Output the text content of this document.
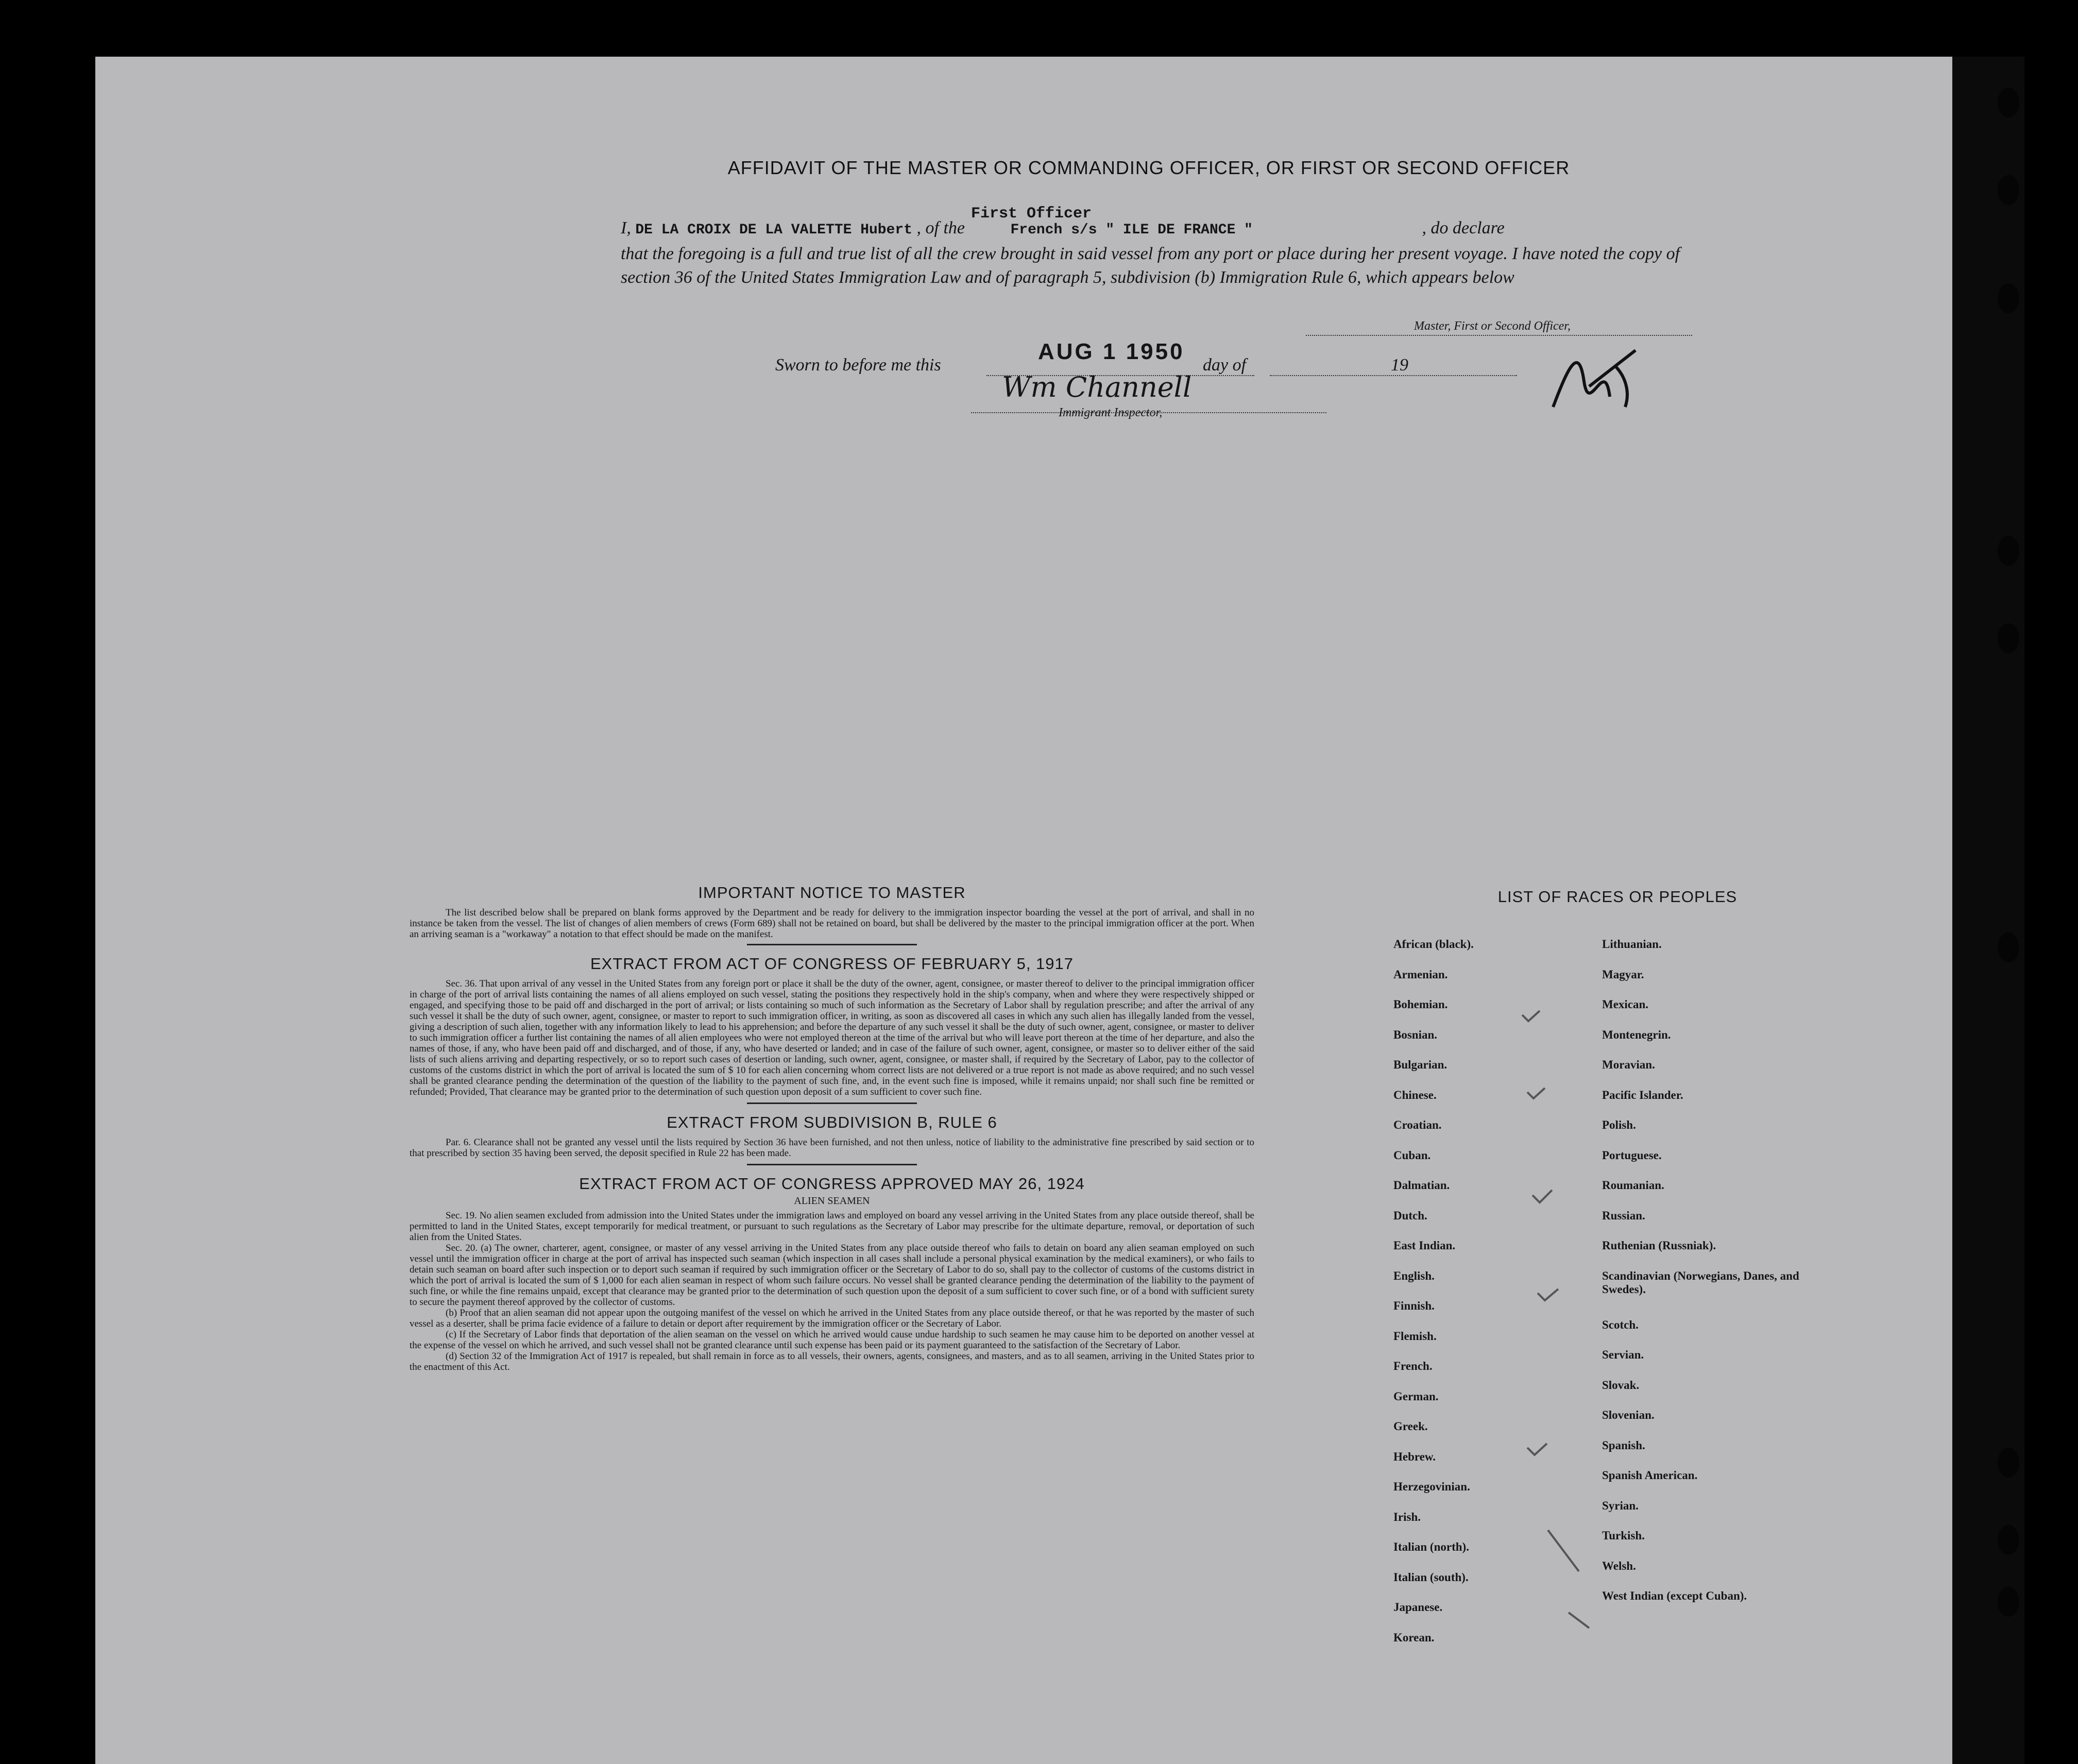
AFFIDAVIT OF THE MASTER OR COMMANDING OFFICER, OR FIRST OR SECOND OFFICER
First Officer
I, DE LA CROIX DE LA VALETTE Hubert , of the	French s/s " ILE DE FRANCE "	, do declare
that the foregoing is a full and true list of all the crew brought in said vessel from any port or place during her present voyage. I have noted the copy of section 36 of the United States Immigration Law and of paragraph 5, subdivision (b) Immigration Rule 6, which appears below
Master, First or Second Officer,
Sworn to before me this
AUG 1 1950
day of	19
Wm Channell
Immigrant Inspector,
IMPORTANT NOTICE TO MASTER
The list described below shall be prepared on blank forms approved by the Department and be ready for delivery to the immigration inspector boarding the vessel at the port of arrival, and shall in no instance be taken from the vessel. The list of changes of alien members of crews (Form 689) shall not be retained on board, but shall be delivered by the master to the principal immigration officer at the port. When an arriving seaman is a "workaway" a notation to that effect should be made on the manifest.
EXTRACT FROM ACT OF CONGRESS OF FEBRUARY 5, 1917
Sec. 36. That upon arrival of any vessel in the United States from any foreign port or place it shall be the duty of the owner, agent, consignee, or master thereof to deliver to the principal immigration officer in charge of the port of arrival lists containing the names of all aliens employed on such vessel, stating the positions they respectively hold in the ship's company, when and where they were respectively shipped or engaged, and specifying those to be paid off and discharged in the port of arrival; or lists containing so much of such information as the Secretary of Labor shall by regulation prescribe; and after the arrival of any such vessel it shall be the duty of such owner, agent, consignee, or master to report to such immigration officer, in writing, as soon as discovered all cases in which any such alien has illegally landed from the vessel, giving a description of such alien, together with any information likely to lead to his apprehension; and before the departure of any such vessel it shall be the duty of such owner, agent, consignee, or master to deliver to such immigration officer a further list containing the names of all alien employees who were not employed thereon at the time of the arrival but who will leave port thereon at the time of her departure, and also the names of those, if any, who have been paid off and discharged, and of those, if any, who have deserted or landed; and in case of the failure of such owner, agent, consignee, or master so to deliver either of the said lists of such aliens arriving and departing respectively, or so to report such cases of desertion or landing, such owner, agent, consignee, or master shall, if required by the Secretary of Labor, pay to the collector of customs of the customs district in which the port of arrival is located the sum of $ 10 for each alien concerning whom correct lists are not delivered or a true report is not made as above required; and no such vessel shall be granted clearance pending the determination of the question of the liability to the payment of such fine, and, in the event such fine is imposed, while it remains unpaid; nor shall such fine be remitted or refunded; Provided, That clearance may be granted prior to the determination of such question upon deposit of a sum sufficient to cover such fine.
EXTRACT FROM SUBDIVISION B, RULE 6
Par. 6. Clearance shall not be granted any vessel until the lists required by Section 36 have been furnished, and not then unless, notice of liability to the administrative fine prescribed by said section or to that prescribed by section 35 having been served, the deposit specified in Rule 22 has been made.
EXTRACT FROM ACT OF CONGRESS APPROVED MAY 26, 1924
ALIEN SEAMEN
Sec. 19. No alien seamen excluded from admission into the United States under the immigration laws and employed on board any vessel arriving in the United States from any place outside thereof, shall be permitted to land in the United States, except temporarily for medical treatment, or pursuant to such regulations as the Secretary of Labor may prescribe for the ultimate departure, removal, or deportation of such alien from the United States.
Sec. 20. (a) The owner, charterer, agent, consignee, or master of any vessel arriving in the United States from any place outside thereof who fails to detain on board any alien seaman employed on such vessel until the immigration officer in charge at the port of arrival has inspected such seaman (which inspection in all cases shall include a personal physical examination by the medical examiners), or who fails to detain such seaman on board after such inspection or to deport such seaman if required by such immigration officer or the Secretary of Labor to do so, shall pay to the collector of customs of the customs district in which the port of arrival is located the sum of $ 1,000 for each alien seaman in respect of whom such failure occurs. No vessel shall be granted clearance pending the determination of the liability to the payment of such fine, or while the fine remains unpaid, except that clearance may be granted prior to the determination of such question upon the deposit of a sum sufficient to cover such fine, or of a bond with sufficient surety to secure the payment thereof approved by the collector of customs.
(b) Proof that an alien seaman did not appear upon the outgoing manifest of the vessel on which he arrived in the United States from any place outside thereof, or that he was reported by the master of such vessel as a deserter, shall be prima facie evidence of a failure to detain or deport after requirement by the immigration officer or the Secretary of Labor.
(c) If the Secretary of Labor finds that deportation of the alien seaman on the vessel on which he arrived would cause undue hardship to such seamen he may cause him to be deported on another vessel at the expense of the vessel on which he arrived, and such vessel shall not be granted clearance until such expense has been paid or its payment guaranteed to the satisfaction of the Secretary of Labor.
(d) Section 32 of the Immigration Act of 1917 is repealed, but shall remain in force as to all vessels, their owners, agents, consignees, and masters, and as to all seamen, arriving in the United States prior to the enactment of this Act.
LIST OF RACES OR PEOPLES
African (black).
Armenian.
Bohemian.
Bosnian.
Bulgarian.
Chinese.
Croatian.
Cuban.
Dalmatian.
Dutch.
East Indian.
English.
Finnish.
Flemish.
French.
German.
Greek.
Hebrew.
Herzegovinian.
Irish.
Italian (north).
Italian (south).
Japanese.
Korean.
Lithuanian.
Magyar.
Mexican.
Montenegrin.
Moravian.
Pacific Islander.
Polish.
Portuguese.
Roumanian.
Russian.
Ruthenian (Russniak).
Scandinavian (Norwegians, Danes, and Swedes).
Scotch.
Servian.
Slovak.
Slovenian.
Spanish.
Spanish American.
Syrian.
Turkish.
Welsh.
West Indian (except Cuban).
